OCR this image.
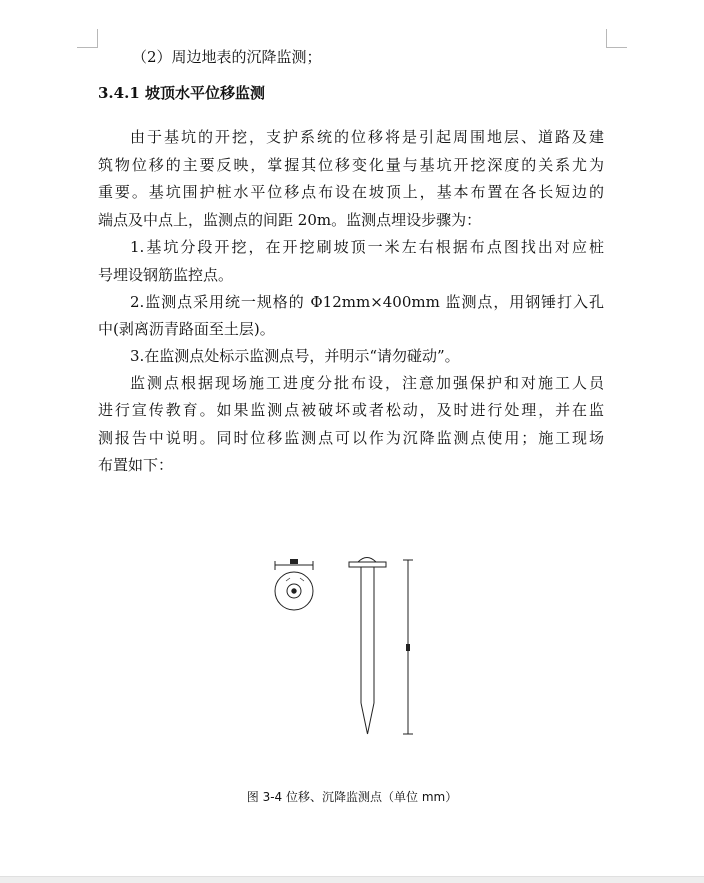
（2）周边地表的沉降监测；
3.4.1 坡顶水平位移监测
由于基坑的开挖，支护系统的位移将是引起周围地层、道路及建
筑物位移的主要反映，掌握其位移变化量与基坑开挖深度的关系尤为
重要。基坑围护桩水平位移点布设在坡顶上，基本布置在各长短边的
端点及中点上，监测点的间距 20m。监测点埋设步骤为：
1.基坑分段开挖，在开挖刷坡顶一米左右根据布点图找出对应桩
号埋设钢筋监控点。
2.监测点采用统一规格的 Φ12mm×400mm 监测点，用钢锤打入孔
中(剥离沥青路面至土层)。
3.在监测点处标示监测点号，并明示“请勿碰动”。
监测点根据现场施工进度分批布设，注意加强保护和对施工人员
进行宣传教育。如果监测点被破坏或者松动，及时进行处理，并在监
测报告中说明。同时位移监测点可以作为沉降监测点使用；施工现场
布置如下：
图 3-4 位移、沉降监测点（单位 mm）
